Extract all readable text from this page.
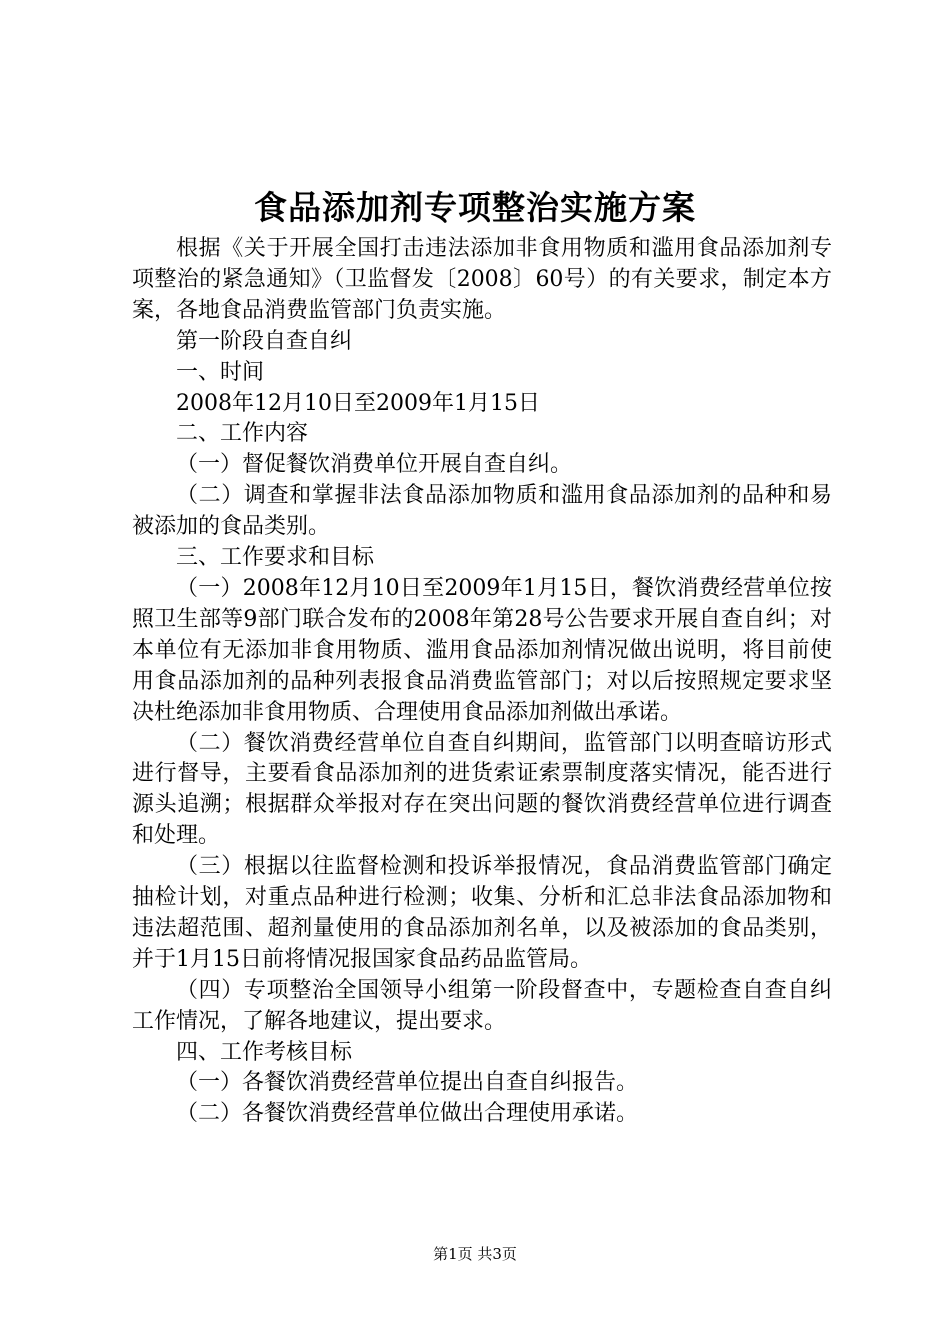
食品添加剂专项整治实施方案

根据《关于开展全国打击违法添加非食用物质和滥用食品添加剂专项整治的紧急通知》（卫监督发〔2008〕60号）的有关要求，制定本方案，各地食品消费监管部门负责实施。

第一阶段自查自纠

一、时间

2008年12月10日至2009年1月15日

二、工作内容

（一）督促餐饮消费单位开展自查自纠。

（二）调查和掌握非法食品添加物质和滥用食品添加剂的品种和易被添加的食品类别。

三、工作要求和目标

（一）2008年12月10日至2009年1月15日，餐饮消费经营单位按照卫生部等9部门联合发布的2008年第28号公告要求开展自查自纠；对本单位有无添加非食用物质、滥用食品添加剂情况做出说明，将目前使用食品添加剂的品种列表报食品消费监管部门；对以后按照规定要求坚决杜绝添加非食用物质、合理使用食品添加剂做出承诺。

（二）餐饮消费经营单位自查自纠期间，监管部门以明查暗访形式进行督导，主要看食品添加剂的进货索证索票制度落实情况，能否进行源头追溯；根据群众举报对存在突出问题的餐饮消费经营单位进行调查和处理。

（三）根据以往监督检测和投诉举报情况，食品消费监管部门确定抽检计划，对重点品种进行检测；收集、分析和汇总非法食品添加物和违法超范围、超剂量使用的食品添加剂名单，以及被添加的食品类别，并于1月15日前将情况报国家食品药品监管局。

（四）专项整治全国领导小组第一阶段督查中，专题检查自查自纠工作情况，了解各地建议，提出要求。

四、工作考核目标

（一）各餐饮消费经营单位提出自查自纠报告。

（二）各餐饮消费经营单位做出合理使用承诺。

第1页 共3页
